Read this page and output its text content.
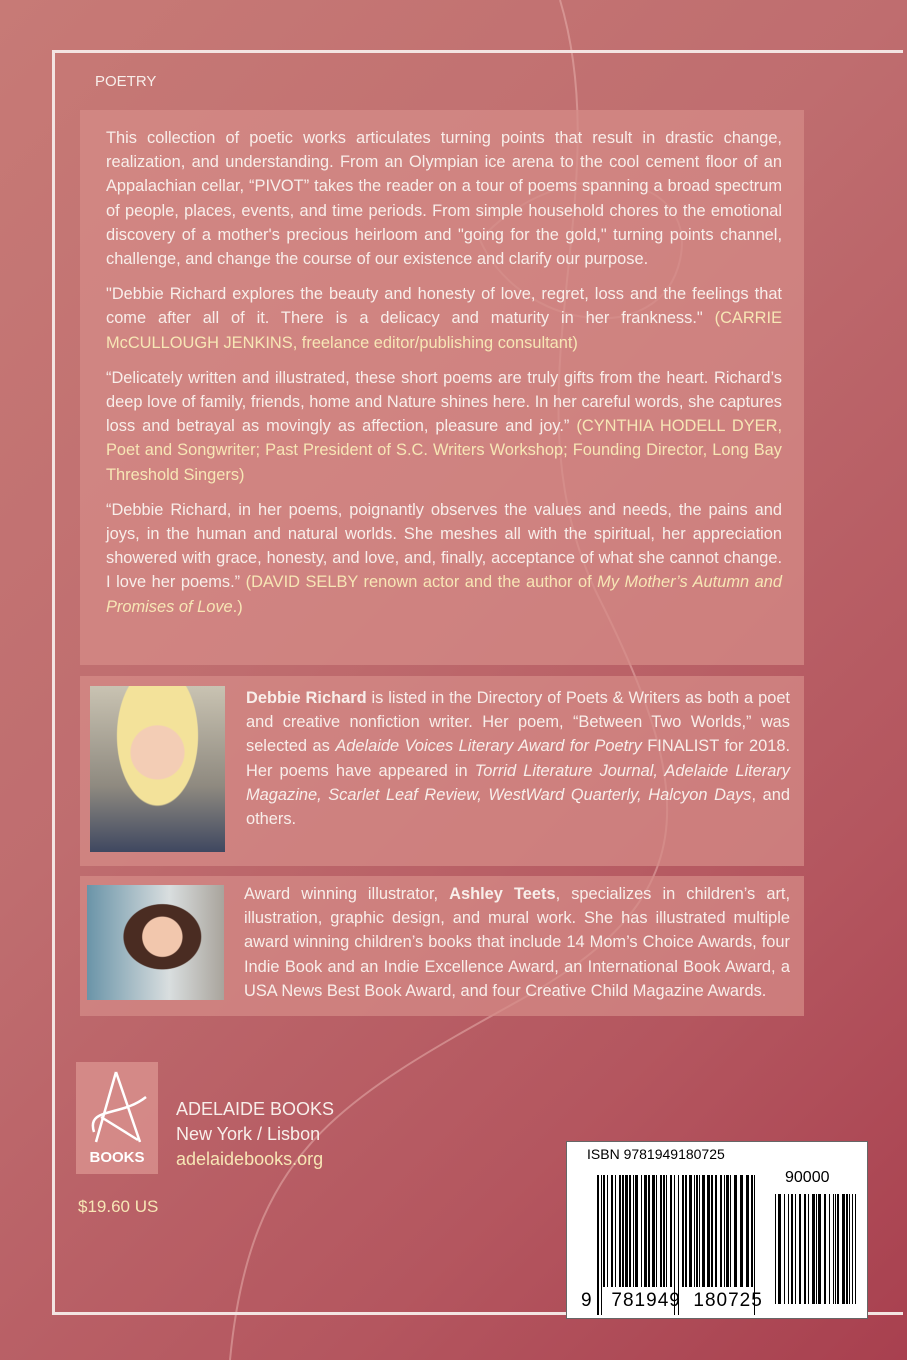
POETRY

This collection of poetic works articulates turning points that result in drastic change, realization, and understanding. From an Olympian ice arena to the cool cement floor of an Appalachian cellar, “PIVOT” takes the reader on a tour of poems spanning a broad spectrum of people, places, events, and time periods. From simple household chores to the emotional discovery of a mother's precious heirloom and "going for the gold," turning points channel, challenge, and change the course of our existence and clarify our purpose.

"Debbie Richard explores the beauty and honesty of love, regret, loss and the feelings that come after all of it. There is a delicacy and maturity in her frankness." (CARRIE McCULLOUGH JENKINS, freelance editor/publishing consultant)

“Delicately written and illustrated, these short poems are truly gifts from the heart. Richard’s deep love of family, friends, home and Nature shines here. In her careful words, she captures loss and betrayal as movingly as affection, pleasure and joy.” (CYNTHIA HODELL DYER, Poet and Songwriter; Past President of S.C. Writers Workshop; Founding Director, Long Bay Threshold Singers)

“Debbie Richard, in her poems, poignantly observes the values and needs, the pains and joys, in the human and natural worlds. She meshes all with the spiritual, her appreciation showered with grace, honesty, and love, and, finally, acceptance of what she cannot change. I love her poems.” (DAVID SELBY renown actor and the author of My Mother’s Autumn and Promises of Love.)

Debbie Richard is listed in the Directory of Poets & Writers as both a poet and creative nonfiction writer. Her poem, “Between Two Worlds,” was selected as Adelaide Voices Literary Award for Poetry FINALIST for 2018. Her poems have appeared in Torrid Literature Journal, Adelaide Literary Magazine, Scarlet Leaf Review, WestWard Quarterly, Halcyon Days, and others.
Award winning illustrator, Ashley Teets, specializes in children’s art, illustration, graphic design, and mural work. She has illustrated multiple award winning children’s books that include 14 Mom’s Choice Awards, four Indie Book and an Indie Excellence Award, an International Book Award, a USA News Best Book Award, and four Creative Child Magazine Awards.
BOOKS
ADELAIDE BOOKS
New York / Lisbon
adelaidebooks.org
$19.60 US
ISBN 9781949180725
90000
9 781949 180725
